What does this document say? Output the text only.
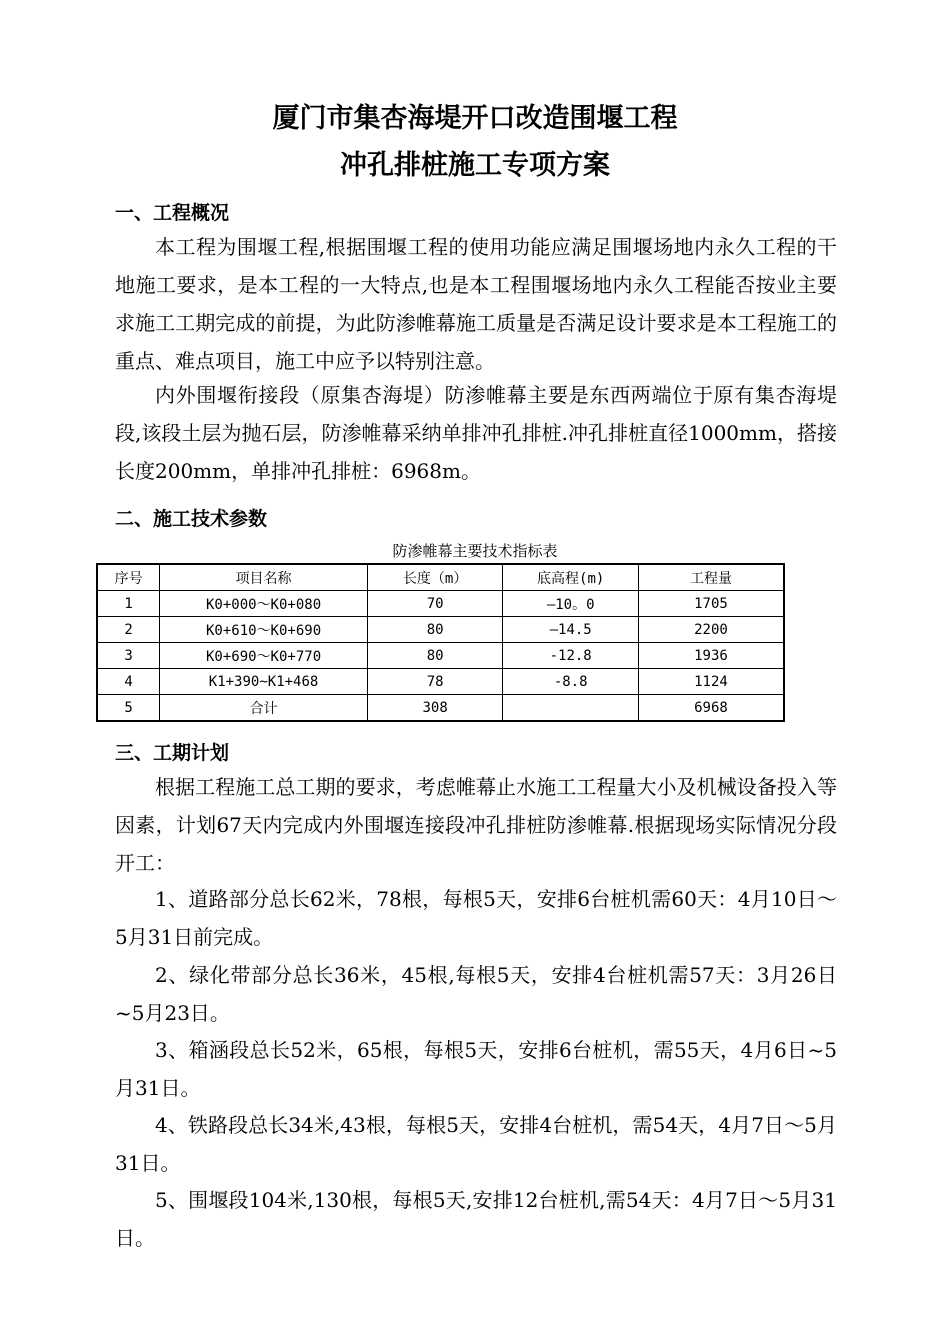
厦门市集杏海堤开口改造围堰工程
冲孔排桩施工专项方案
一、工程概况

本工程为围堰工程,根据围堰工程的使用功能应满足围堰场地内永久工程的干地施工要求，是本工程的一大特点,也是本工程围堰场地内永久工程能否按业主要求施工工期完成的前提，为此防渗帷幕施工质量是否满足设计要求是本工程施工的重点、难点项目，施工中应予以特别注意。

内外围堰衔接段（原集杏海堤）防渗帷幕主要是东西两端位于原有集杏海堤段,该段土层为抛石层，防渗帷幕采纳单排冲孔排桩.冲孔排桩直径1000mm，搭接长度200mm，单排冲孔排桩：6968m。

二、施工技术参数
防渗帷幕主要技术指标表
序号	项目名称	长度（m）	底高程(m)	工程量
1	K0+000～K0+080	70	—10。0	1705
2	K0+610～K0+690	80	—14.5	2200
3	K0+690～K0+770	80	-12.8	1936
4	K1+390~K1+468	78	-8.8	1124
5	合计	308		6968
三、工期计划

根据工程施工总工期的要求，考虑帷幕止水施工工程量大小及机械设备投入等因素，计划67天内完成内外围堰连接段冲孔排桩防渗帷幕.根据现场实际情况分段开工：

1、道路部分总长62米，78根，每根5天，安排6台桩机需60天：4月10日～5月31日前完成。

2、绿化带部分总长36米，45根,每根5天，安排4台桩机需57天：3月26日~5月23日。

3、箱涵段总长52米，65根，每根5天，安排6台桩机，需55天，4月6日~5月31日。

4、铁路段总长34米,43根，每根5天，安排4台桩机，需54天，4月7日～5月31日。

5、围堰段104米,130根，每根5天,安排12台桩机,需54天：4月7日～5月31日。
